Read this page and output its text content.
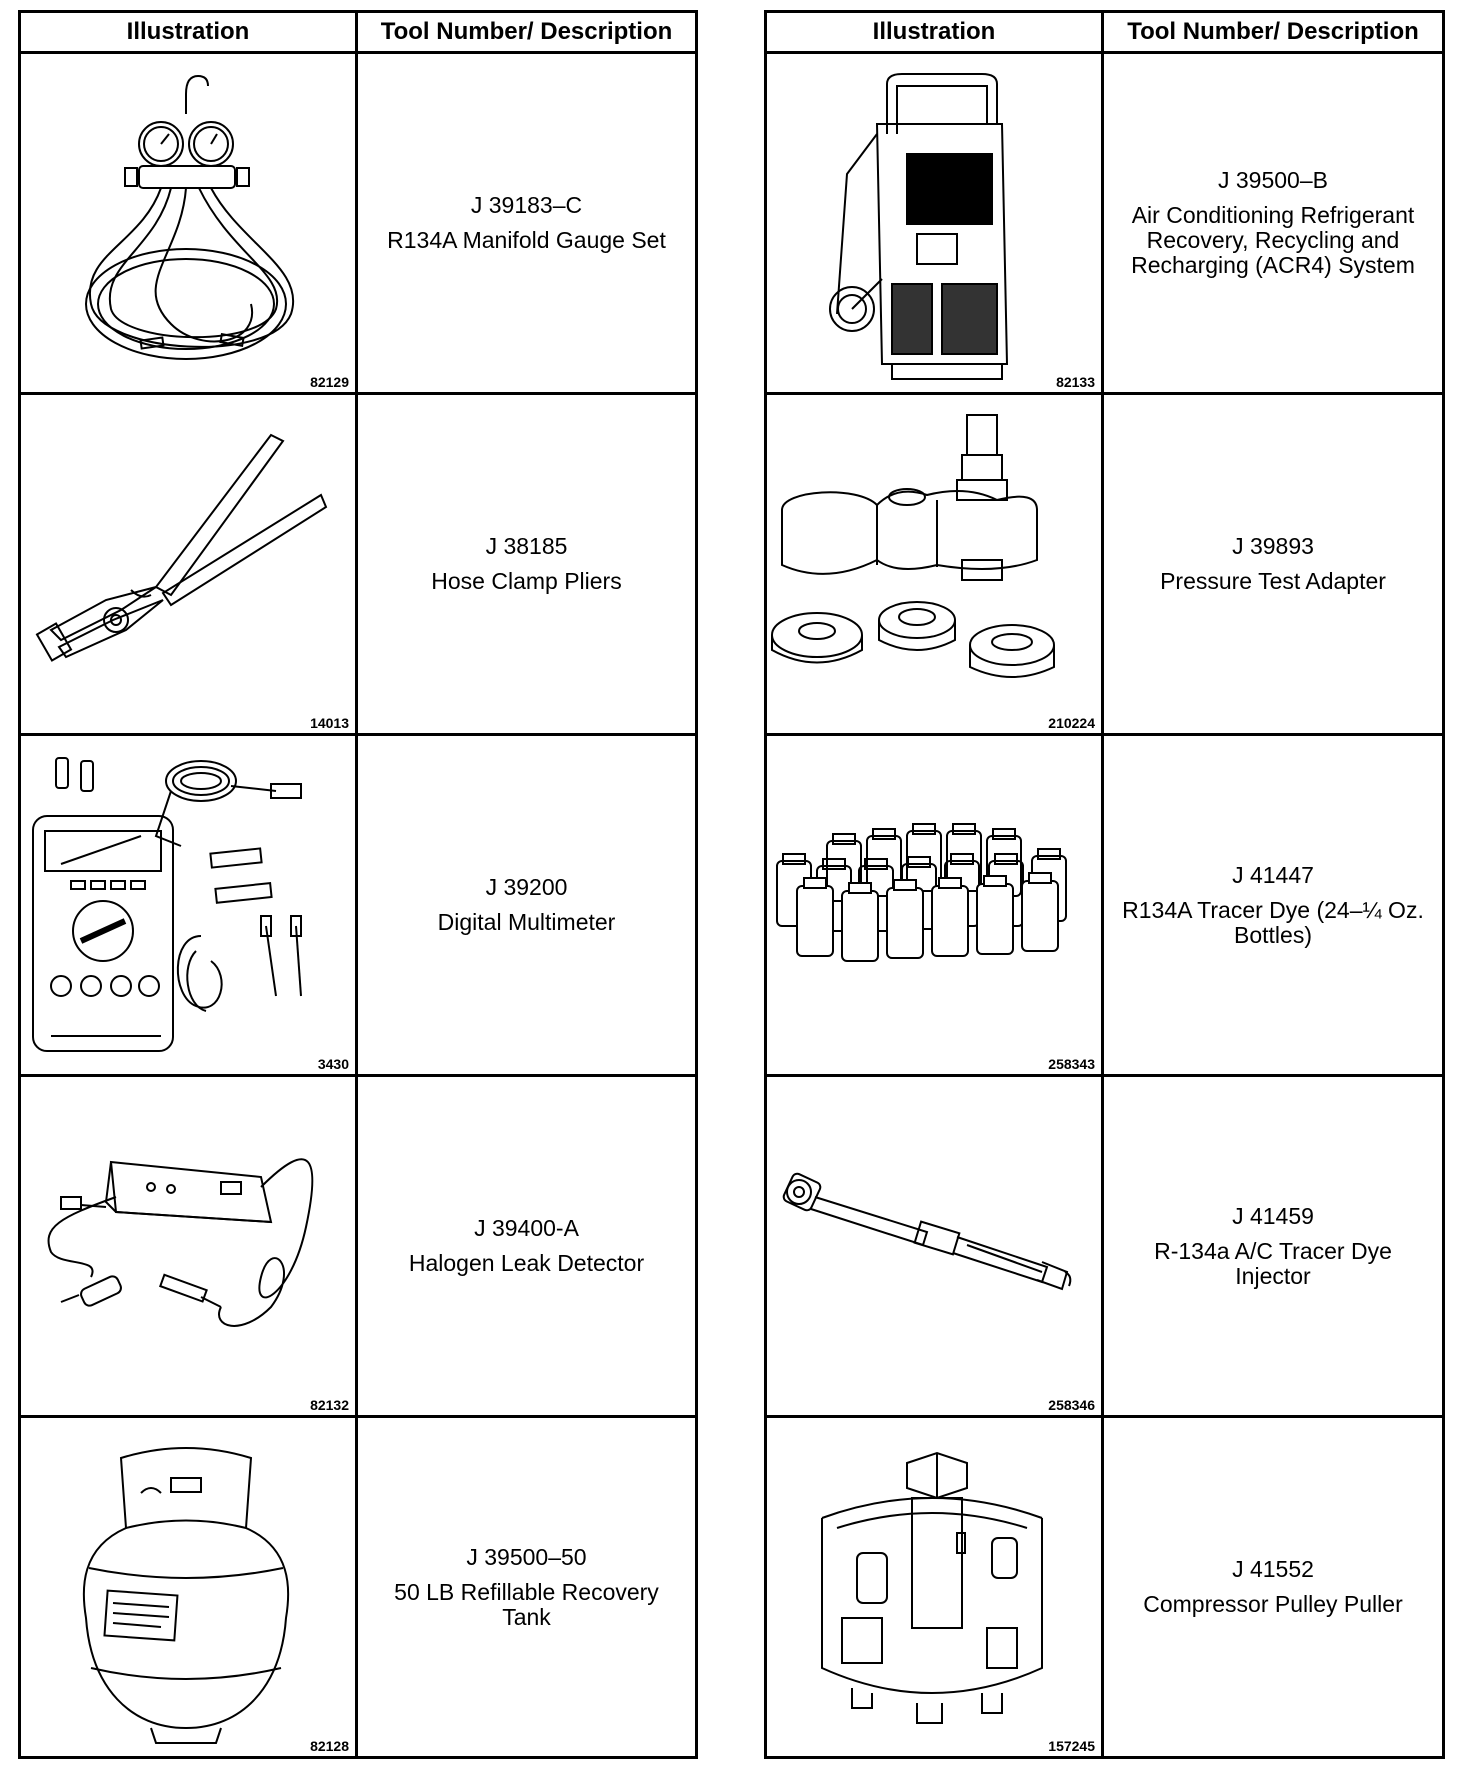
Illustration	Tool Number/ Description

82129	J 39183–C
R134A Manifold Gauge Set

14013	J 38185
Hose Clamp Pliers

3430	J 39200
Digital Multimeter

82132	J 39400-A
Halogen Leak Detector

82128	J 39500–50
50 LB Refillable Recovery Tank
Illustration	Tool Number/ Description

82133	J 39500–B
Air Conditioning Refrigerant Recovery, Recycling and Recharging (ACR4) System

210224	J 39893
Pressure Test Adapter

258343	J 41447
R134A Tracer Dye (24–¼ Oz. Bottles)

258346	J 41459
R-134a A/C Tracer Dye Injector

157245	J 41552
Compressor Pulley Puller
